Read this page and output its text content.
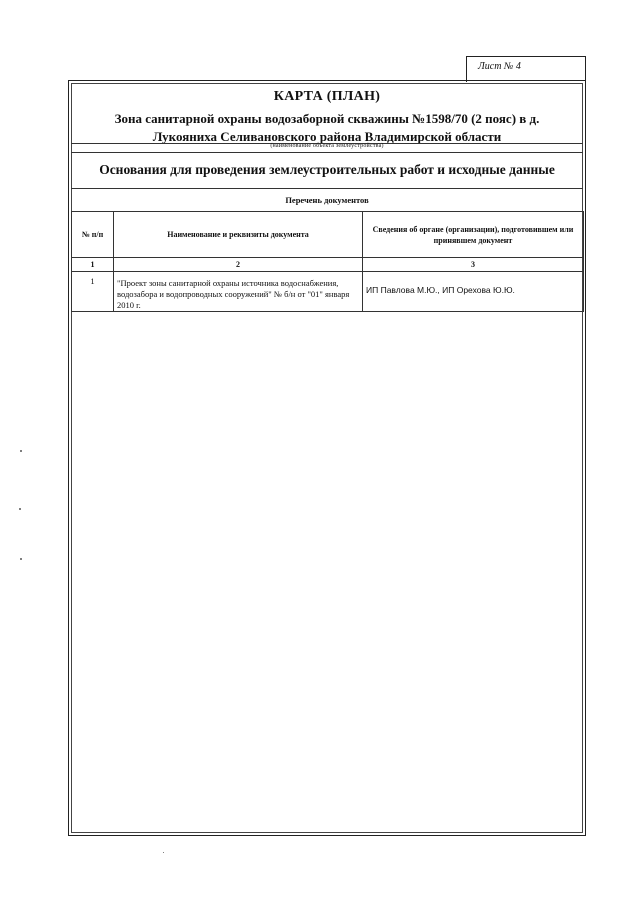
Лист № 4
КАРТА (ПЛАН)
Зона санитарной охраны водозаборной скважины №1598/70 (2 пояс) в д.
Лукояниха Селивановского района Владимирской области
(наименование объекта землеустройства)
Основания для проведения землеустроительных работ и исходные данные
Перечень документов
№ п/п	Наименование и реквизиты документа	Сведения об органе (организации), подготовившем или принявшем документ
1	2	3
1	"Проект зоны санитарной охраны источника водоснабжения, водозабора и водопроводных сооружений" № б/н от "01" января 2010 г.	ИП Павлова М.Ю., ИП Орехова Ю.Ю.
